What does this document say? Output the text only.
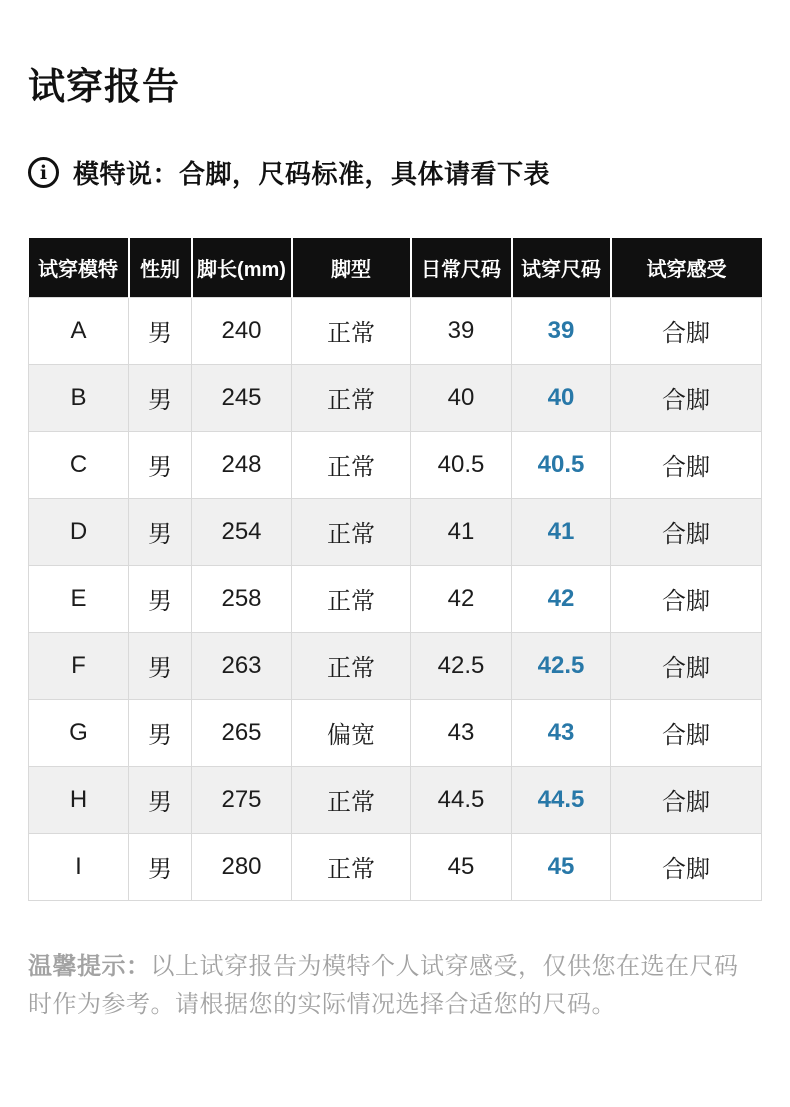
试穿报告
i 模特说：合脚，尺码标准，具体请看下表
试穿模特	性别	脚长(mm)	脚型	日常尺码	试穿尺码	试穿感受
A	男	240	正常	39	39	合脚
B	男	245	正常	40	40	合脚
C	男	248	正常	40.5	40.5	合脚
D	男	254	正常	41	41	合脚
E	男	258	正常	42	42	合脚
F	男	263	正常	42.5	42.5	合脚
G	男	265	偏宽	43	43	合脚
H	男	275	正常	44.5	44.5	合脚
I	男	280	正常	45	45	合脚

温馨提示：以上试穿报告为模特个人试穿感受，仅供您在选在尺码时作为参考。请根据您的实际情况选择合适您的尺码。
